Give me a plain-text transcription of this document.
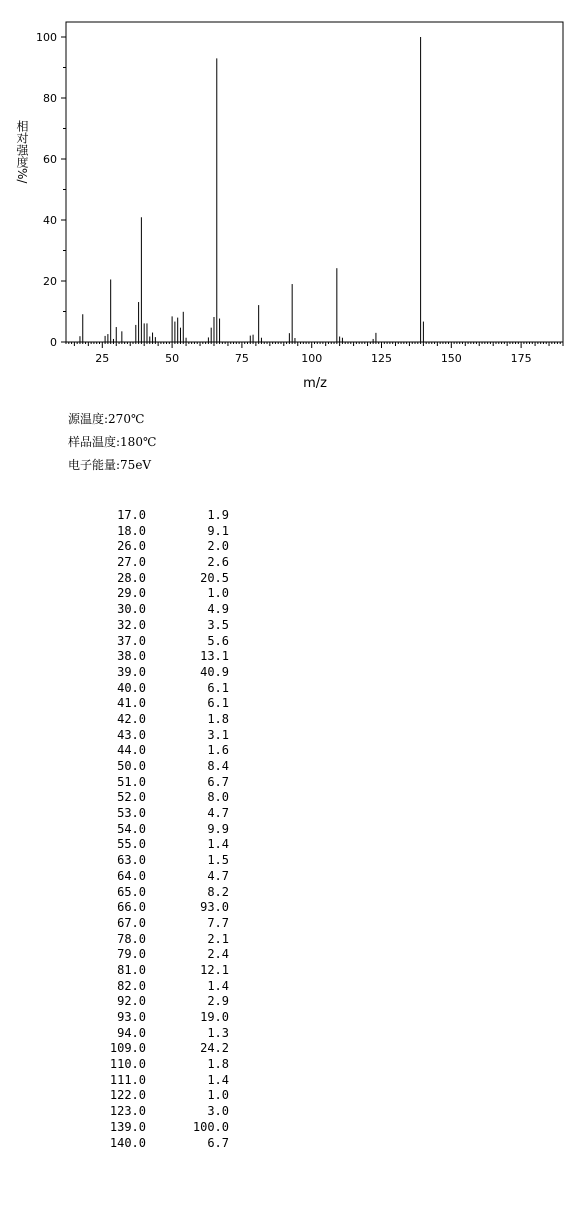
25	50	75	100	125	150	175
0
20
40
60
80
100
m/z
相对强度%/
源温度:270℃
样品温度:180℃
电子能量:75eV
17.0	1.9
18.0	9.1
26.0	2.0
27.0	2.6
28.0	20.5
29.0	1.0
30.0	4.9
32.0	3.5
37.0	5.6
38.0	13.1
39.0	40.9
40.0	6.1
41.0	6.1
42.0	1.8
43.0	3.1
44.0	1.6
50.0	8.4
51.0	6.7
52.0	8.0
53.0	4.7
54.0	9.9
55.0	1.4
63.0	1.5
64.0	4.7
65.0	8.2
66.0	93.0
67.0	7.7
78.0	2.1
79.0	2.4
81.0	12.1
82.0	1.4
92.0	2.9
93.0	19.0
94.0	1.3
109.0	24.2
110.0	1.8
111.0	1.4
122.0	1.0
123.0	3.0
139.0	100.0
140.0	6.7
